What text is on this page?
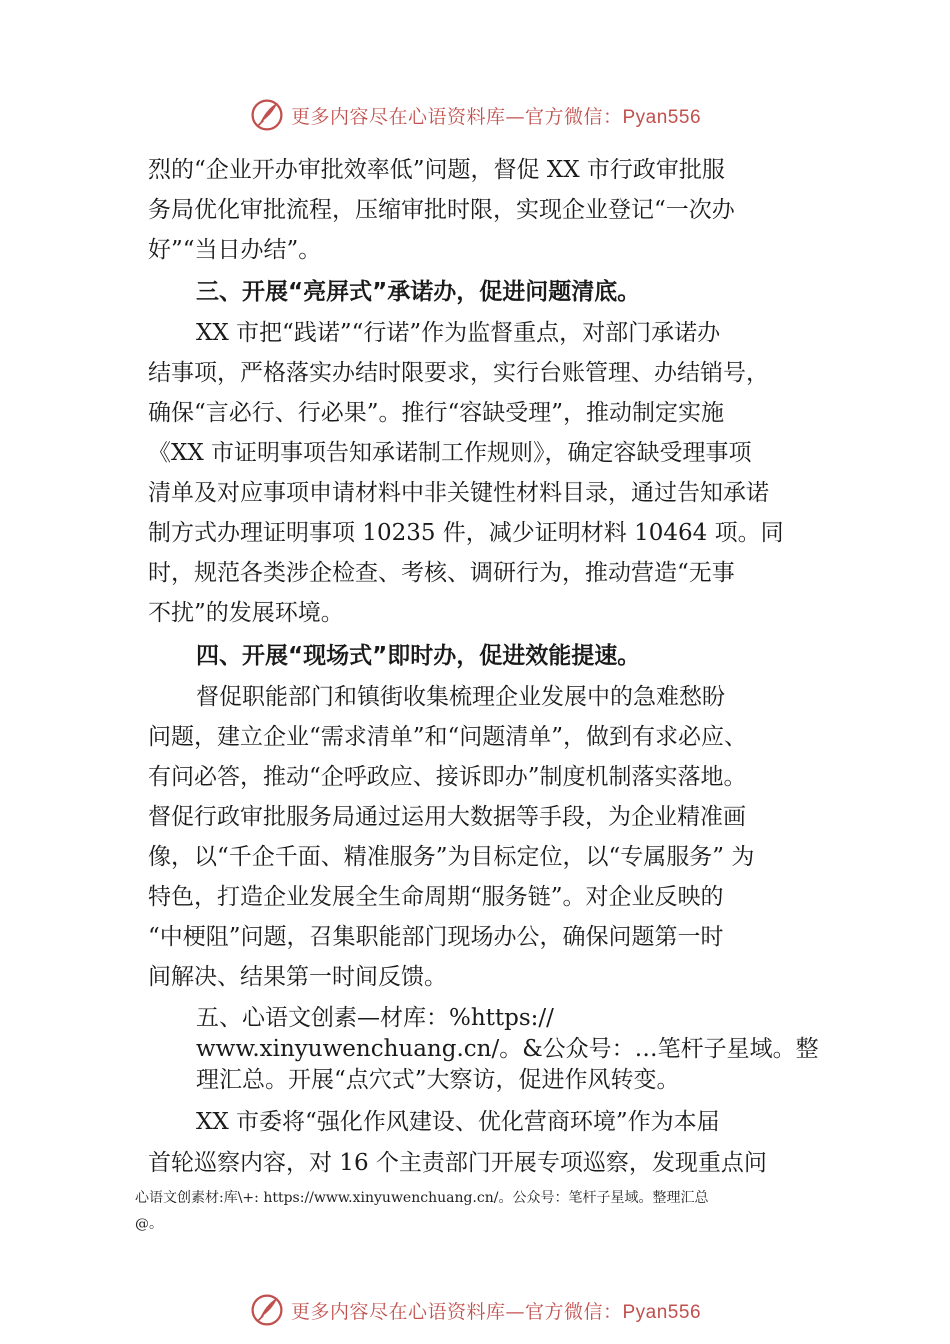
更多内容尽在心语资料库—官方微信：Pyan556
烈的“企业开办审批效率低”问题，督促 XX 市行政审批服
务局优化审批流程，压缩审批时限，实现企业登记“一次办
好”“当日办结”。
三、开展“亮屏式”承诺办，促进问题清底。
XX 市把“践诺”“行诺”作为监督重点，对部门承诺办
结事项，严格落实办结时限要求，实行台账管理、办结销号，
确保“言必行、行必果”。推行“容缺受理”，推动制定实施
《XX 市证明事项告知承诺制工作规则》，确定容缺受理事项
清单及对应事项申请材料中非关键性材料目录，通过告知承诺
制方式办理证明事项 10235 件，减少证明材料 10464 项。同
时，规范各类涉企检查、考核、调研行为，推动营造“无事
不扰”的发展环境。
四、开展“现场式”即时办，促进效能提速。
督促职能部门和镇街收集梳理企业发展中的急难愁盼
问题，建立企业“需求清单”和“问题清单”，做到有求必应、
有问必答，推动“企呼政应、接诉即办”制度机制落实落地。
督促行政审批服务局通过运用大数据等手段，为企业精准画
像，以“千企千面、精准服务”为目标定位，以“专属服务” 为
特色，打造企业发展全生命周期“服务链”。对企业反映的
“中梗阻”问题，召集职能部门现场办公，确保问题第一时
间解决、结果第一时间反馈。
五、心语文创素—材库：%https://
www.xinyuwenchuang.cn/。&公众号：…笔杆子星域。整
理汇总。开展“点穴式”大察访，促进作风转变。
XX 市委将“强化作风建设、优化营商环境”作为本届
首轮巡察内容，对 16 个主责部门开展专项巡察，发现重点问
心语文创素材:库\+: https://www.xinyuwenchuang.cn/。公众号：笔杆子星域。整理汇总
@。
更多内容尽在心语资料库—官方微信：Pyan556
